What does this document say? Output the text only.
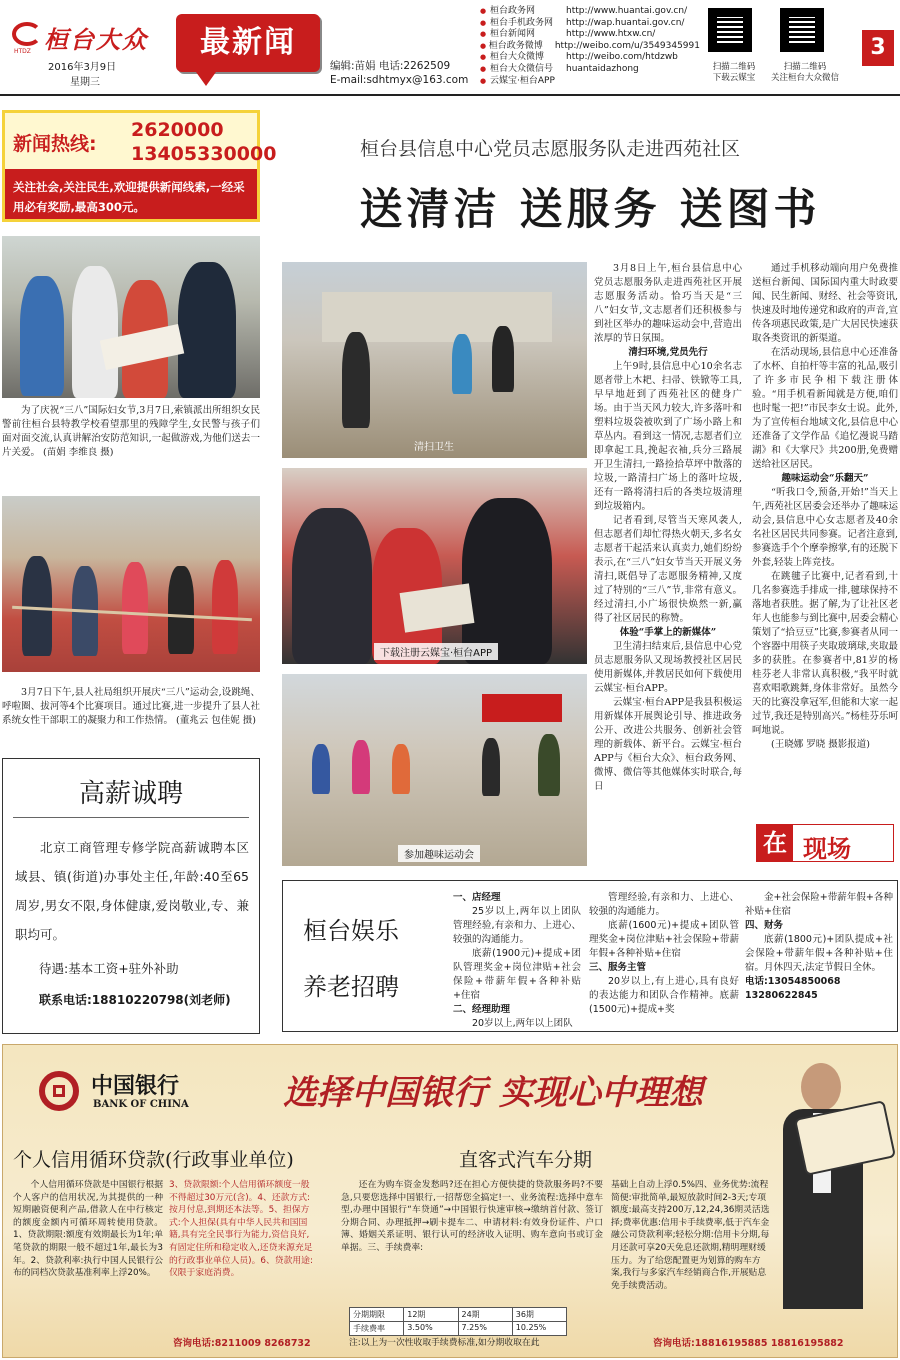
桓台大众
HTDZ
2016年3月9日
星期三
最新闻
编辑:苗娟 电话:2262509
E-mail:sdhtmyx@163.com
● 桓台政务网	http://www.huantai.gov.cn/
● 桓台手机政务网	http://wap.huantai.gov.cn/
● 桓台新闻网	http://www.htxw.cn/
● 桓台政务微博	http://weibo.com/u/3549345991
● 桓台大众微博	http://weibo.com/htdzwb
● 桓台大众微信号	huantaidazhong
● 云媒宝·桓台APP
扫描二维码
下载云媒宝
扫描二维码
关注桓台大众微信
3
新闻热线:
2620000
13405330000
关注社会,关注民生,欢迎提供新闻线索,一经采用必有奖励,最高300元。
为了庆祝“三八”国际妇女节,3月7日,索镇派出所组织女民警前往桓台县特教学校看望那里的残障学生,女民警与孩子们面对面交流,认真讲解治安防范知识,一起做游戏,为他们送去一片关爱。 (苗娟 李维良 摄)
3月7日下午,县人社局组织开展庆“三八”运动会,设跳绳、呼啦圈、拔河等4个比赛项目。通过比赛,进一步提升了县人社系统女性干部职工的凝聚力和工作热情。 (董兆云 包佳妮 摄)
高薪诚聘
北京工商管理专修学院高薪诚聘本区域县、镇(街道)办事处主任,年龄:40至65周岁,男女不限,身体健康,爱岗敬业,专、兼职均可。
待遇:基本工资+驻外补助
联系电话:18810220798(刘老师)
桓台县信息中心党员志愿服务队走进西苑社区
送清洁 送服务 送图书
清扫卫生
下载注册云媒宝·桓台APP
参加趣味运动会
3月8日上午,桓台县信息中心党员志愿服务队走进西苑社区开展志愿服务活动。恰巧当天是“三八”妇女节,文志愿者们还积极参与到社区举办的趣味运动会中,营造出浓厚的节日氛围。
清扫环境,党员先行
上午9时,县信息中心10余名志愿者带上木耙、扫帚、铁锨等工具,早早地赶到了西苑社区的健身广场。由于当天风力较大,许多落叶和塑料垃圾袋被吹到了广场小路上和草丛内。看到这一情况,志愿者们立即拿起工具,挽起衣袖,兵分三路展开卫生清扫,一路捡拾草坪中散落的垃圾,一路清扫广场上的落叶垃圾,还有一路将清扫后的各类垃圾清理到垃圾箱内。
记者看到,尽管当天寒风袭人,但志愿者们却忙得热火朝天,多名女志愿者干起活来认真卖力,她们纷纷表示,在“三八”妇女节当天开展义务清扫,既倡导了志愿服务精神,又度过了特别的“三八”节,非常有意义。经过清扫,小广场很快焕然一新,赢得了社区居民的称赞。
体验“手掌上的新媒体”
卫生清扫结束后,县信息中心党员志愿服务队又现场教授社区居民使用新媒体,并教居民如何下载使用云媒宝·桓台APP。
云媒宝·桓台APP是我县积极运用新媒体开展舆论引导、推进政务公开、改进公共服务、创新社会管理的新载体、新平台。云媒宝·桓台APP与《桓台大众》、桓台政务网、微博、微信等其他媒体实时联合,每日
通过手机移动端向用户免费推送桓台新闻、国际国内重大时政要闻、民生新闻、财经、社会等资讯,快速及时地传递党和政府的声音,宣传各项惠民政策,是广大居民快速获取各类资讯的新渠道。
在活动现场,县信息中心还准备了水杯、自拍杆等丰富的礼品,吸引了许多市民争相下载注册体验。“用手机看新闻就是方便,咱们也时髦一把!”市民李女士说。此外,为了宣传桓台地域文化,县信息中心还准备了文学作品《追忆漫说马踏湖》和《大掌尺》共200册,免费赠送给社区居民。
趣味运动会“乐翻天”
“听我口令,预备,开始!”当天上午,西苑社区居委会还举办了趣味运动会,县信息中心女志愿者及40余名社区居民共同参赛。记者注意到,参赛选手个个摩拳擦掌,有的还脱下外套,轻装上阵竞技。
在跳毽子比赛中,记者看到,十几名参赛选手排成一排,毽球保持不落地者获胜。据了解,为了让社区老年人也能参与到比赛中,居委会精心策划了“拾豆豆”比赛,参赛者从同一个容器中用筷子夹取玻璃球,夹取最多的获胜。在参赛者中,81岁的杨桂芬老人非常认真积极,“我平时就喜欢唱歌跳舞,身体非常好。虽然今天的比赛没拿冠军,但能和大家一起过节,我还是特别高兴。”杨桂芬乐呵呵地说。
(王晓娜 罗晓 摄影报道)
在 现场
桓台娱乐
养老招聘
一、店经理
25岁以上,两年以上团队管理经验,有亲和力、上进心、较强的沟通能力。
底薪(1900元)+提成+团队管理奖金+岗位津贴+社会保险+带薪年假+各种补贴+住宿
二、经理助理
20岁以上,两年以上团队
管理经验,有亲和力、上进心、较强的沟通能力。
底薪(1600元)+提成+团队管理奖金+岗位津贴+社会保险+带薪年假+各种补贴+住宿
三、服务主管
20岁以上,有上进心,具有良好的表达能力和团队合作精神。底薪(1500元)+提成+奖
金+社会保险+带薪年假+各种补贴+住宿
四、财务
底薪(1800元)+团队提成+社会保险+带薪年假+各种补贴+住宿。月休四天,法定节假日全休。
电话:13054850068
13280622845
中国银行
BANK OF CHINA	选择中国银行 实现心中理想
个人信用循环贷款(行政事业单位)	直客式汽车分期
个人信用循环贷款是中国银行根据个人客户的信用状况,为其提供的一种短期融资便利产品,借款人在中行核定的额度金额内可循环周转使用贷款。1、贷款期限:额度有效期最长为1年;单笔贷款的期限一般不超过1年,最长为3年。2、贷款利率:执行中国人民银行公布的同档次贷款基准利率上浮20%。
3、贷款限额:个人信用循环额度一般不得超过30万元(含)。4、还款方式:按月付息,到期还本法等。5、担保方式:个人担保(具有中华人民共和国国籍,具有完全民事行为能力,资信良好,有固定住所和稳定收入,还贷来源充足的行政事业单位人员)。6、贷款用途:仅限于家庭消费。
咨询电话:8211009 8268732
还在为购车资金发愁吗?还在担心方便快捷的贷款服务吗?不要急,只要您选择中国银行,一招帮您全搞定!一、业务流程:选择中意车型,办理中国银行“车贷通”→中国银行快速审核→缴纳首付款、签订分期合同、办理抵押→刷卡提车二、申请材料:有效身份证件、户口簿、婚姻关系证明、银行认可的经济收入证明、购车意向书或订金单据。三、手续费率:
分期期限	12期	24期	36期
手续费率	3.50%	7.25%	10.25%
注:以上为一次性收取手续费标准,如分期收取在此
基础上自动上浮0.5%四、业务优势:流程简便:审批简单,最短放款时间2-3天;专项额度:最高支持200万,12,24,36期灵活选择;费率优惠:信用卡手续费率,低于汽车金融公司贷款利率;轻松分期:信用卡分期,每月还款可享20天免息还款期,精明理财缓压力。为了给您配置更为划算的购车方案,我行与多家汽车经销商合作,开展贴息免手续费活动。
咨询电话:18816195885 18816195882
